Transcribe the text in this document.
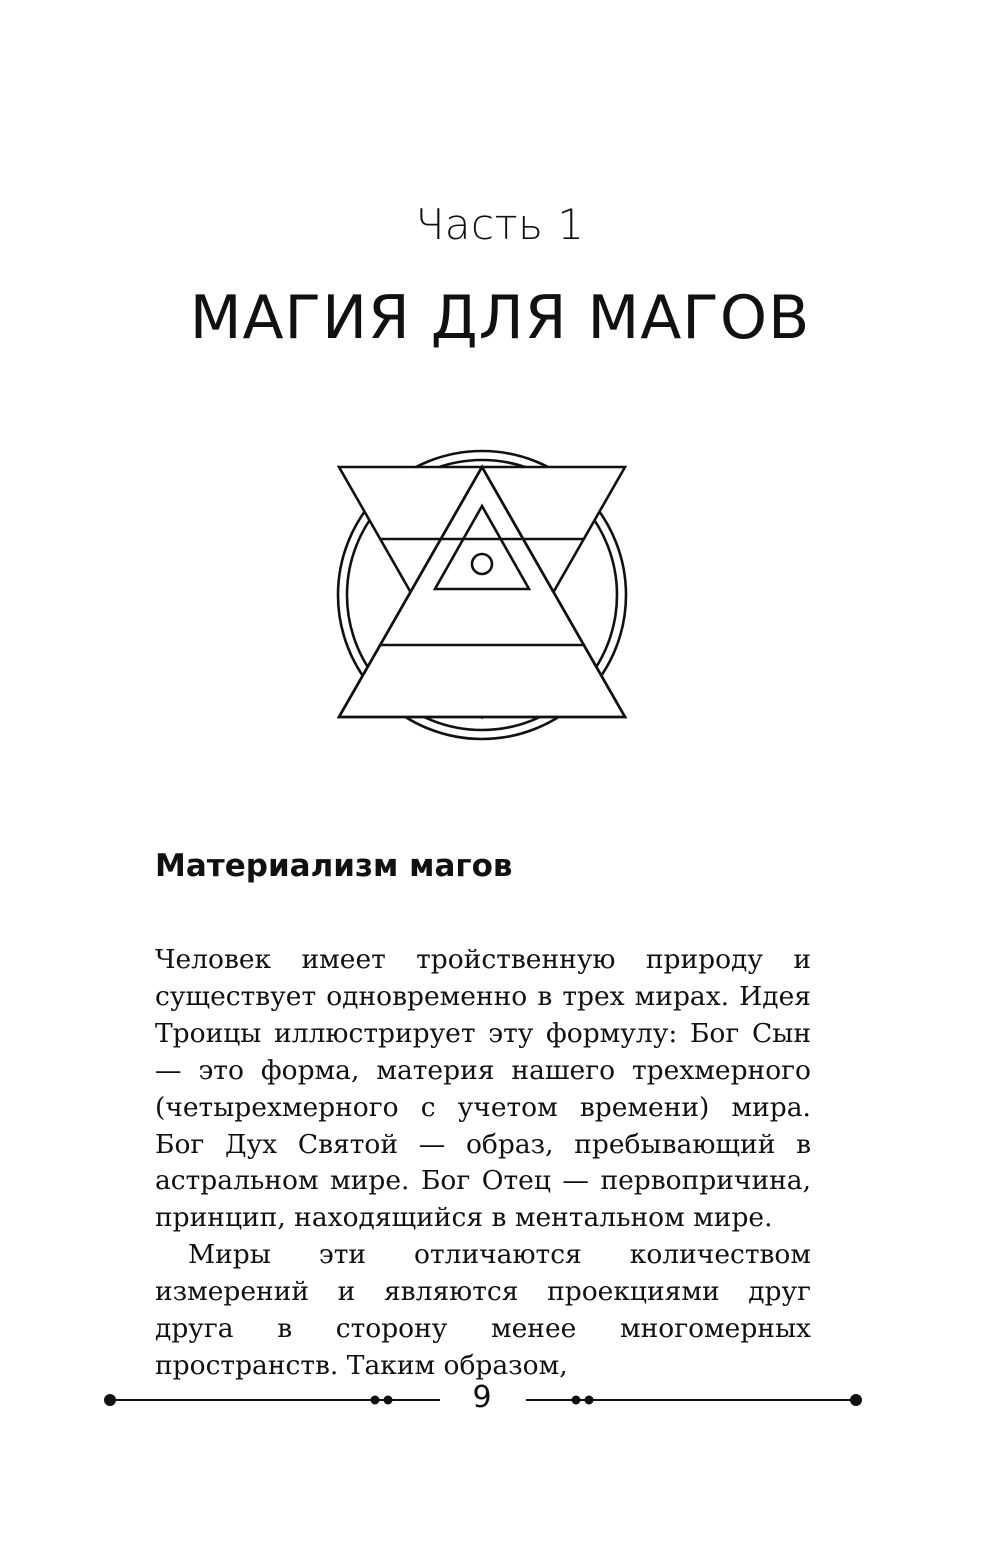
Часть 1
МАГИЯ ДЛЯ МАГОВ
Материализм магов

Человек имеет тройственную природу и существует одновременно в трех мирах. Идея Троицы иллюстрирует эту формулу: Бог Сын — это форма, материя нашего трехмерного (четырехмерного с учетом времени) мира. Бог Дух Святой — образ, пребывающий в астральном мире. Бог Отец — первопричина, принцип, находящийся в ментальном мире.

Миры эти отличаются количеством измерений и являются проекциями друг друга в сторону менее многомерных пространств. Таким образом,

9
